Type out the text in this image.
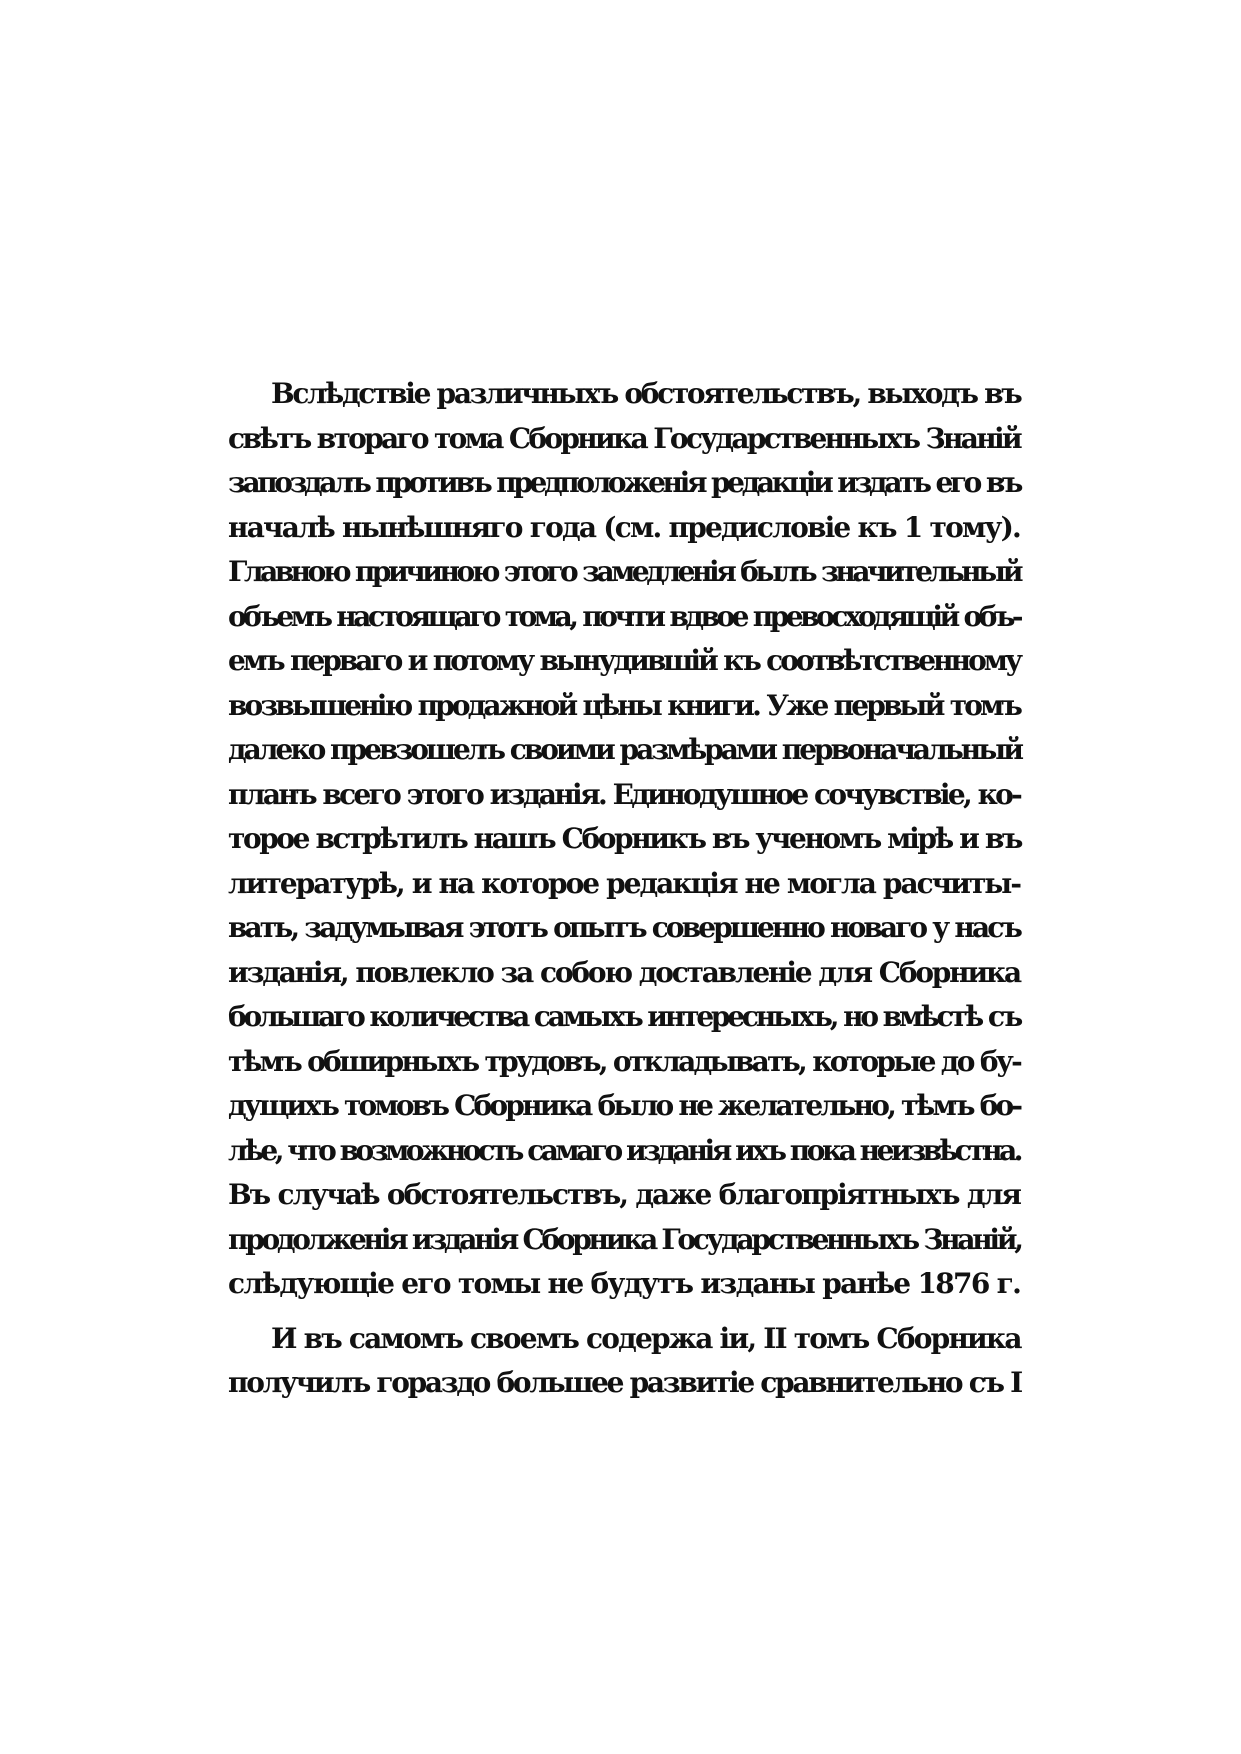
Вслѣдствіе различныхъ обстоятельствъ, выходъ въ
свѣтъ втораго тома Сборника Государственныхъ Знаній
запоздалъ противъ предположенія редакціи издать его въ
началѣ нынѣшняго года (см. предисловіе къ 1 тому).
Главною причиною этого замедленія былъ значительный
объемъ настоящаго тома, почти вдвое превосходящій объ-
емъ перваго и потому вынудившій къ соотвѣтственному
возвышенію продажной цѣны книги. Уже первый томъ
далеко превзошелъ своими размѣрами первоначальный
планъ всего этого изданія. Единодушное сочувствіе, ко-
торое встрѣтилъ нашъ Сборникъ въ ученомъ мірѣ и въ
литературѣ, и на которое редакція не могла расчиты-
вать, задумывая этотъ опытъ совершенно новаго у насъ
изданія, повлекло за собою доставленіе для Сборника
большаго количества самыхъ интересныхъ, но вмѣстѣ съ
тѣмъ обширныхъ трудовъ, откладывать, которые до бу-
дущихъ томовъ Сборника было не желательно, тѣмъ бо-
лѣе, что возможность самаго изданія ихъ пока неизвѣстна.
Въ случаѣ обстоятельствъ, даже благопріятныхъ для
продолженія изданія Сборника Государственныхъ Знаній,
слѣдующіе его томы не будутъ изданы ранѣе 1876 г.
И въ самомъ своемъ содержа іи, II томъ Сборника
получилъ гораздо большее развитіе сравнительно съ I
